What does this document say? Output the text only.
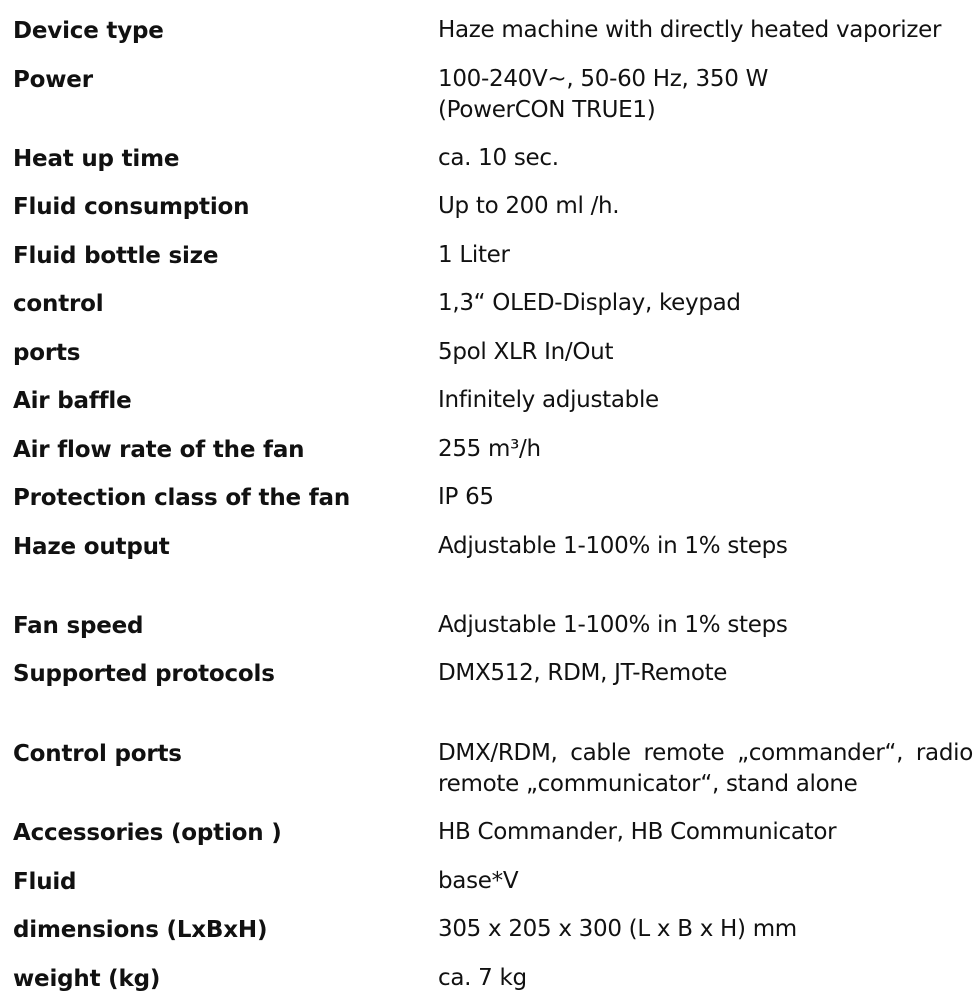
Device type	Haze machine with directly heated vaporizer
Power	100-240V~, 50-60 Hz, 350 W
(PowerCON TRUE1)
Heat up time	ca. 10 sec.
Fluid consumption	Up to 200 ml /h.
Fluid bottle size	1 Liter
control	1,3“ OLED-Display, keypad
ports	5pol XLR In/Out
Air baffle	Infinitely adjustable
Air flow rate of the fan	255 m³/h
Protection class of the fan	IP 65
Haze output	Adjustable 1-100% in 1% steps
Fan speed	Adjustable 1-100% in 1% steps
Supported protocols	DMX512, RDM, JT-Remote
Control ports	DMX/RDM, cable remote „commander“, radio
remote „communicator“, stand alone
Accessories (option )	HB Commander, HB Communicator
Fluid	base*V
dimensions (LxBxH)	305 x 205 x 300 (L x B x H) mm
weight (kg)	ca. 7 kg
